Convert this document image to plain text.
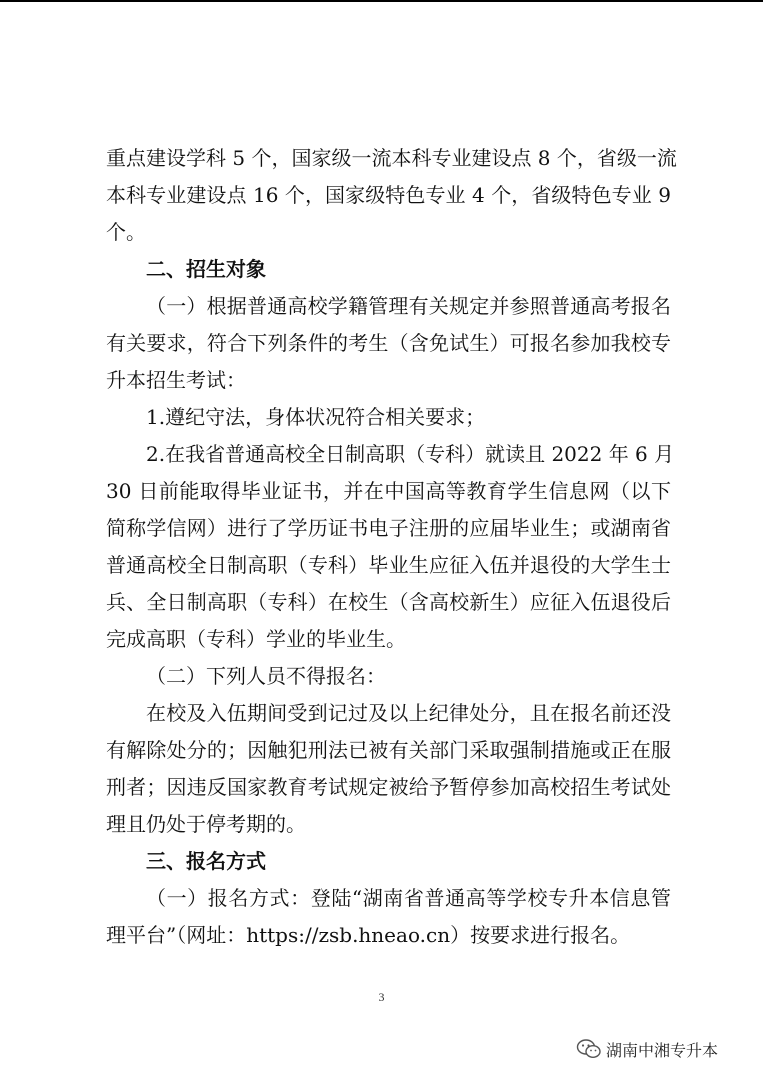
重点建设学科 5 个，国家级一流本科专业建设点 8 个，省级一流
本科专业建设点 16 个，国家级特色专业 4 个，省级特色专业 9
个。
二、招生对象
（一）根据普通高校学籍管理有关规定并参照普通高考报名
有关要求，符合下列条件的考生（含免试生）可报名参加我校专
升本招生考试：
1.遵纪守法，身体状况符合相关要求；
2.在我省普通高校全日制高职（专科）就读且 2022 年 6 月
30 日前能取得毕业证书，并在中国高等教育学生信息网（以下
简称学信网）进行了学历证书电子注册的应届毕业生；或湖南省
普通高校全日制高职（专科）毕业生应征入伍并退役的大学生士
兵、全日制高职（专科）在校生（含高校新生）应征入伍退役后
完成高职（专科）学业的毕业生。
（二）下列人员不得报名：
在校及入伍期间受到记过及以上纪律处分，且在报名前还没
有解除处分的；因触犯刑法已被有关部门采取强制措施或正在服
刑者；因违反国家教育考试规定被给予暂停参加高校招生考试处
理且仍处于停考期的。
三、报名方式
（一）报名方式：登陆“湖南省普通高等学校专升本信息管
理平台”（网址：https://zsb.hneao.cn）按要求进行报名。
3
湖南中湘专升本
